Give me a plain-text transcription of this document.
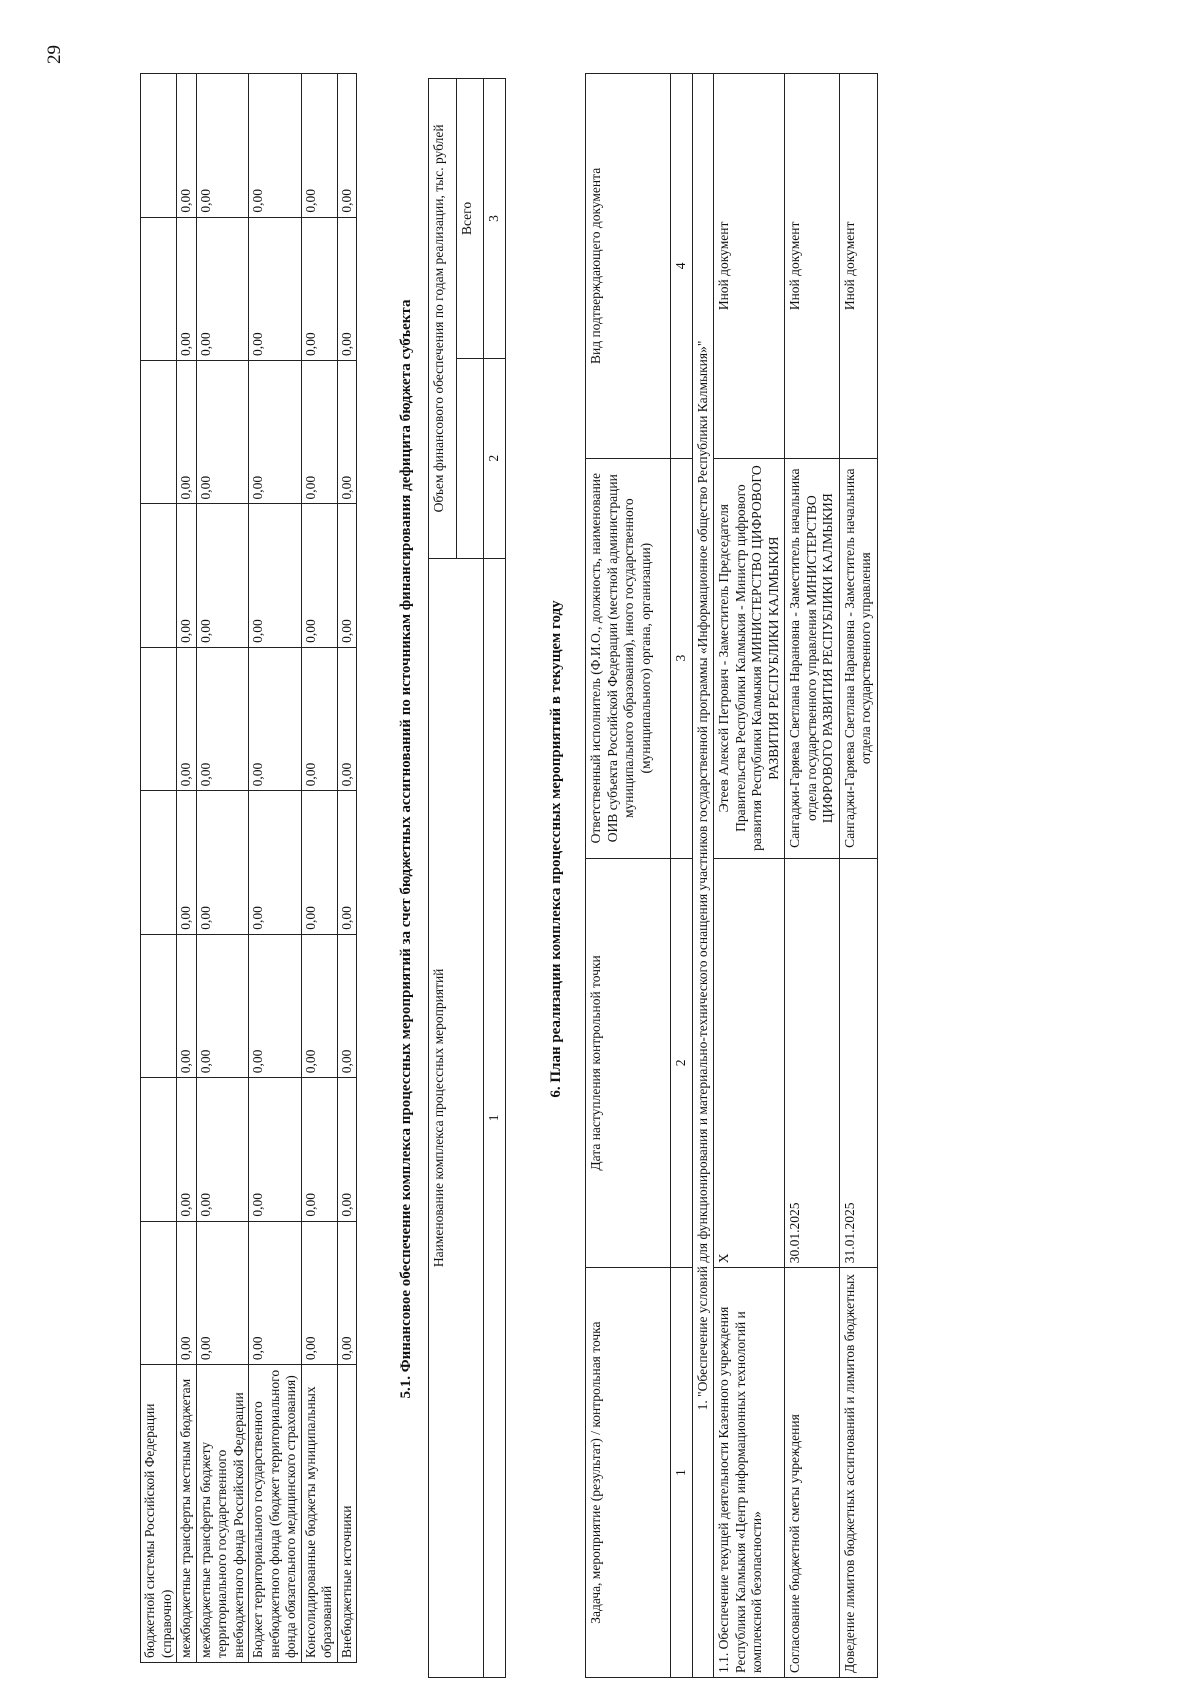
29
бюджетной системы Российской Федерации (справочно)									
межбюджетные трансферты местным бюджетам	0,00	0,00	0,00	0,00	0,00	0,00	0,00	0,00	0,00
межбюджетные трансферты бюджету территориального государственного внебюджетного фонда Российской Федерации	0,00	0,00	0,00	0,00	0,00	0,00	0,00	0,00	0,00
Бюджет территориального государственного внебюджетного фонда (бюджет территориального фонда обязательного медицинского страхования)	0,00	0,00	0,00	0,00	0,00	0,00	0,00	0,00	0,00
Консолидированные бюджеты муниципальных образований	0,00	0,00	0,00	0,00	0,00	0,00	0,00	0,00	0,00
Внебюджетные источники	0,00	0,00	0,00	0,00	0,00	0,00	0,00	0,00	0,00
5.1. Финансовое обеспечение комплекса процессных мероприятий за счет бюджетных ассигнований по источникам финансирования дефицита бюджета субъекта Наименование комплекса процессных мероприятий	Объем финансового обеспечения по годам реализации, тыс. рублей	
		Всего
1	2	3
6. План реализации комплекса процессных мероприятий в текущем году
Задача, мероприятие (результат) / контрольная точка	Дата наступления контрольной точки	Ответственный исполнитель (Ф.И.О., должность, наименование ОИВ субъекта Российской Федерации (местной администрации муниципального образования), иного государственного (муниципального) органа, организации)	Вид подтверждающего документа
1	2	3	4
1. "Обеспечение условий для функционирования и материально-технического оснащения участников государственной программы «Информационное общество Республики Калмыкия»"			
1.1. Обеспечение текущей деятельности Казенного учреждения Республики Калмыкия «Центр информационных технологий и комплексной безопасности»	X	Этеев Алексей Петрович - Заместитель Председателя Правительства Республики Калмыкия - Министр цифрового развития Республики Калмыкия МИНИСТЕРСТВО ЦИФРОВОГО РАЗВИТИЯ РЕСПУБЛИКИ КАЛМЫКИЯ	Иной документ
Согласование бюджетной сметы учреждения	30.01.2025	Сангаджи-Гаряева Светлана Нарановна - Заместитель начальника отдела государственного управления МИНИСТЕРСТВО ЦИФРОВОГО РАЗВИТИЯ РЕСПУБЛИКИ КАЛМЫКИЯ	Иной документ
Доведение лимитов бюджетных ассигнований и лимитов бюджетных	31.01.2025	Сангаджи-Гаряева Светлана Нарановна - Заместитель начальника отдела государственного управления	Иной документ
